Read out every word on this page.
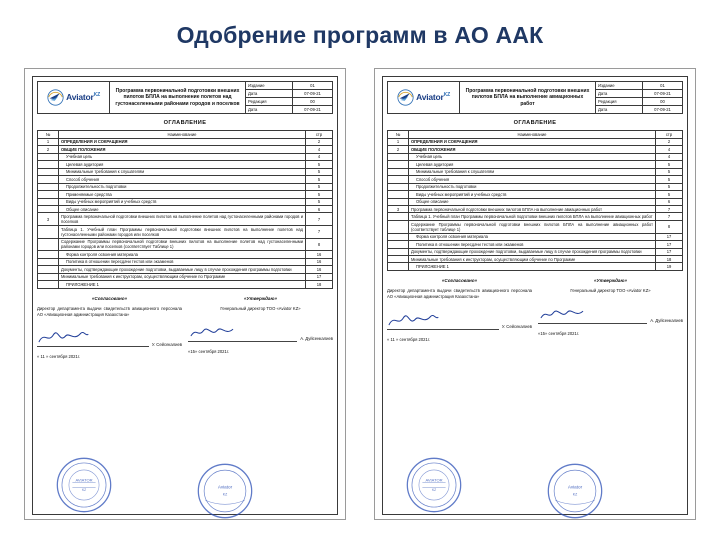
Одобрение программ в АО ААК
Aviator$^{KZ}$
Программа первоначальной подготовки внешних пилотов БПЛА на выполнение полетов над густонаселенными районами городов и поселков
Издание	01
Дата	07-09-21
Редакция	00
Дата	07-09-21
ОГЛАВЛЕНИЕ
№	Наименование	стр
1	ОПРЕДЕЛЕНИЯ И СОКРАЩЕНИЯ	2
2	ОБЩИЕ ПОЛОЖЕНИЯ	4
	Учебная цель	4
	Целевая аудитория	5
	Минимальные требования к слушателям	5
	Способ обучения	5
	Продолжительность подготовки	5
	Применяемые средства	5
	Виды учебных мероприятий и учебных средств	5
	Общее описание	6
3	Программа первоначальной подготовки внешних пилотов на выполнение полетов над густонаселенными районами городов и поселков	7
	Таблица 1. Учебный план Программы первоначальной подготовки внешних пилотов на выполнение полетов над густонаселенными районами городов или поселков	7
	Содержание Программы первоначальной подготовки внешних пилотов на выполнение полетов над густонаселенными районами городов или поселков (соответствует Таблице 1)	8
	Форма контроля освоения материала	16
	Политика в отношении пересдачи тестов или экзаменов	16
	Документы, подтверждающие прохождение подготовки, выдаваемые лицу в случае прохождения программы подготовки	16
	Минимальные требования к инструкторам, осуществляющим обучение по Программе	17
	ПРИЛОЖЕНИЕ 1	18
«Согласовано»
Директор департамента выдачи свидетельств авиационного персонала АО «Авиационная администрация Казахстана»
У. Сейсекалиев
« 11 » сентября 2021г.
AVIATOR
KZ
«Утверждаю»
Генеральный директор ТОО «Aviator KZ»
А. Дуйсенкалиев
«15» сентября 2021г.
Aviator
KZ
Aviator$^{KZ}$
Программа первоначальной подготовки внешних пилотов БПЛА на выполнение авиационных работ
Издание	01
Дата	07-09-21
Редакция	00
Дата	07-09-21
ОГЛАВЛЕНИЕ
№	Наименование	стр
1	ОПРЕДЕЛЕНИЯ И СОКРАЩЕНИЯ	2
2	ОБЩИЕ ПОЛОЖЕНИЯ	4
	Учебная цель	4
	Целевая аудитория	5
	Минимальные требования к слушателям	5
	Способ обучения	5
	Продолжительность подготовки	5
	Виды учебных мероприятий и учебных средств	5
	Общее описание	6
3	Программа первоначальной подготовки внешних пилотов БПЛА на выполнение авиационных работ	7
	Таблица 1. Учебный план Программы первоначальной подготовки внешних пилотов БПЛА на выполнение авиационных работ	7
	Содержание Программы первоначальной подготовки внешних пилотов БПЛА на выполнение авиационных работ (соответствует таблице 1)	8
	Форма контроля освоения материала	17
	Политика в отношении пересдачи тестов или экзаменов	17
	Документы, подтверждающие прохождение подготовки, выдаваемые лицу в случае прохождения программы подготовки	17
	Минимальные требования к инструкторам, осуществляющим обучение по Программе	18
	ПРИЛОЖЕНИЕ 1	19
«Согласовано»
Директор департамента выдачи свидетельств авиационного персонала АО «Авиационная администрация Казахстана»
У. Сейсекалиев
« 11 » сентября 2021г.
AVIATOR
KZ
«Утверждаю»
Генеральный директор ТОО «Aviator KZ»
А. Дуйсенкалиев
«15» сентября 2021г.
Aviator
KZ
